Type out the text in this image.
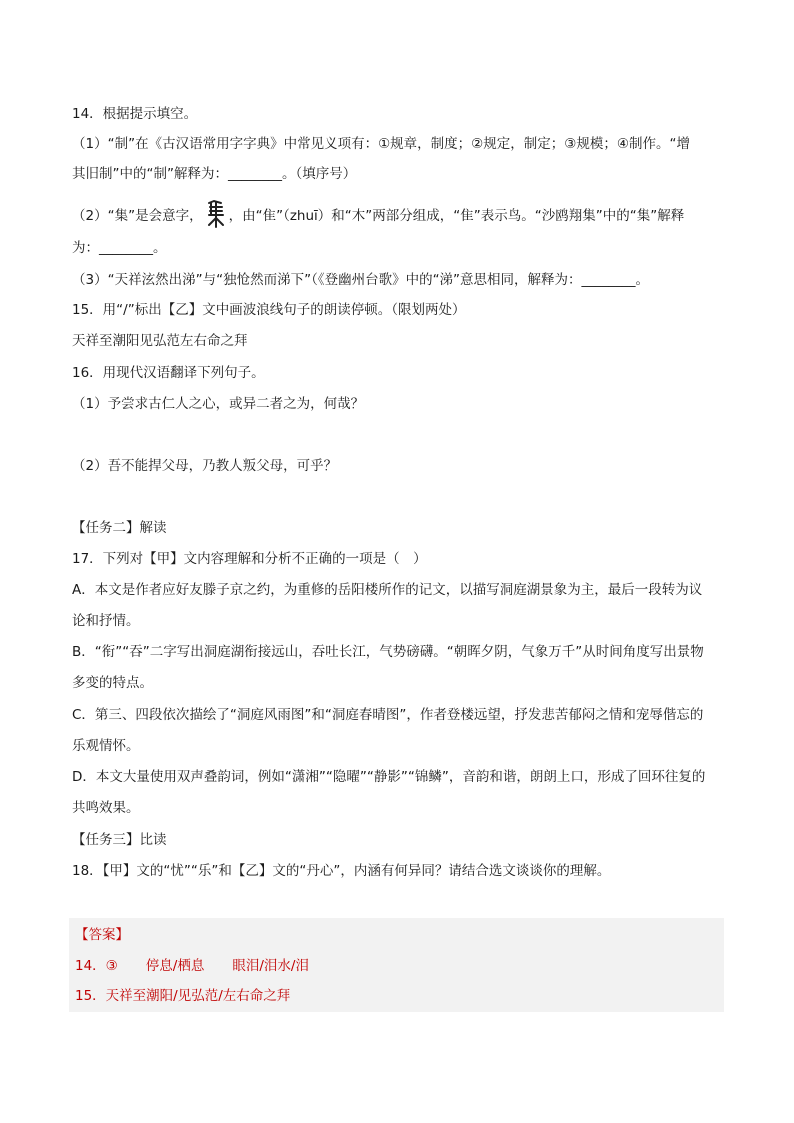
14．根据提示填空。
（1）“制”在《古汉语常用字字典》中常见义项有：①规章，制度；②规定，制定；③规模；④制作。“增
其旧制”中的“制”解释为：________。（填序号）
（2）“集”是会意字， ，由“隹”（zhuī）和“木”两部分组成，“隹”表示鸟。“沙鸥翔集”中的“集”解释
为：________。
（3）“天祥泫然出涕”与“独怆然而涕下”（《登幽州台歌》中的“涕”意思相同，解释为：________。
15．用“/”标出【乙】文中画波浪线句子的朗读停顿。（限划两处）
天祥至潮阳见弘范左右命之拜
16．用现代汉语翻译下列句子。
（1）予尝求古仁人之心，或异二者之为，何哉？
（2）吾不能捍父母，乃教人叛父母，可乎？
【任务二】解读
17．下列对【甲】文内容理解和分析不正确的一项是（　）
A．本文是作者应好友滕子京之约，为重修的岳阳楼所作的记文，以描写洞庭湖景象为主，最后一段转为议
论和抒情。
B．“衔”“吞”二字写出洞庭湖衔接远山，吞吐长江，气势磅礴。“朝晖夕阴，气象万千”从时间角度写出景物
多变的特点。
C．第三、四段依次描绘了“洞庭风雨图”和“洞庭春晴图”，作者登楼远望，抒发悲苦郁闷之情和宠辱偕忘的
乐观情怀。
D．本文大量使用双声叠韵词，例如“潇湘”“隐曜”“静影”“锦鳞”，音韵和谐，朗朗上口，形成了回环往复的
共鸣效果。
【任务三】比读
18．【甲】文的“忧”“乐”和【乙】文的“丹心”，内涵有何异同？请结合选文谈谈你的理解。
【答案】
14．③ 停息/栖息 眼泪/泪水/泪
15．天祥至潮阳/见弘范/左右命之拜
